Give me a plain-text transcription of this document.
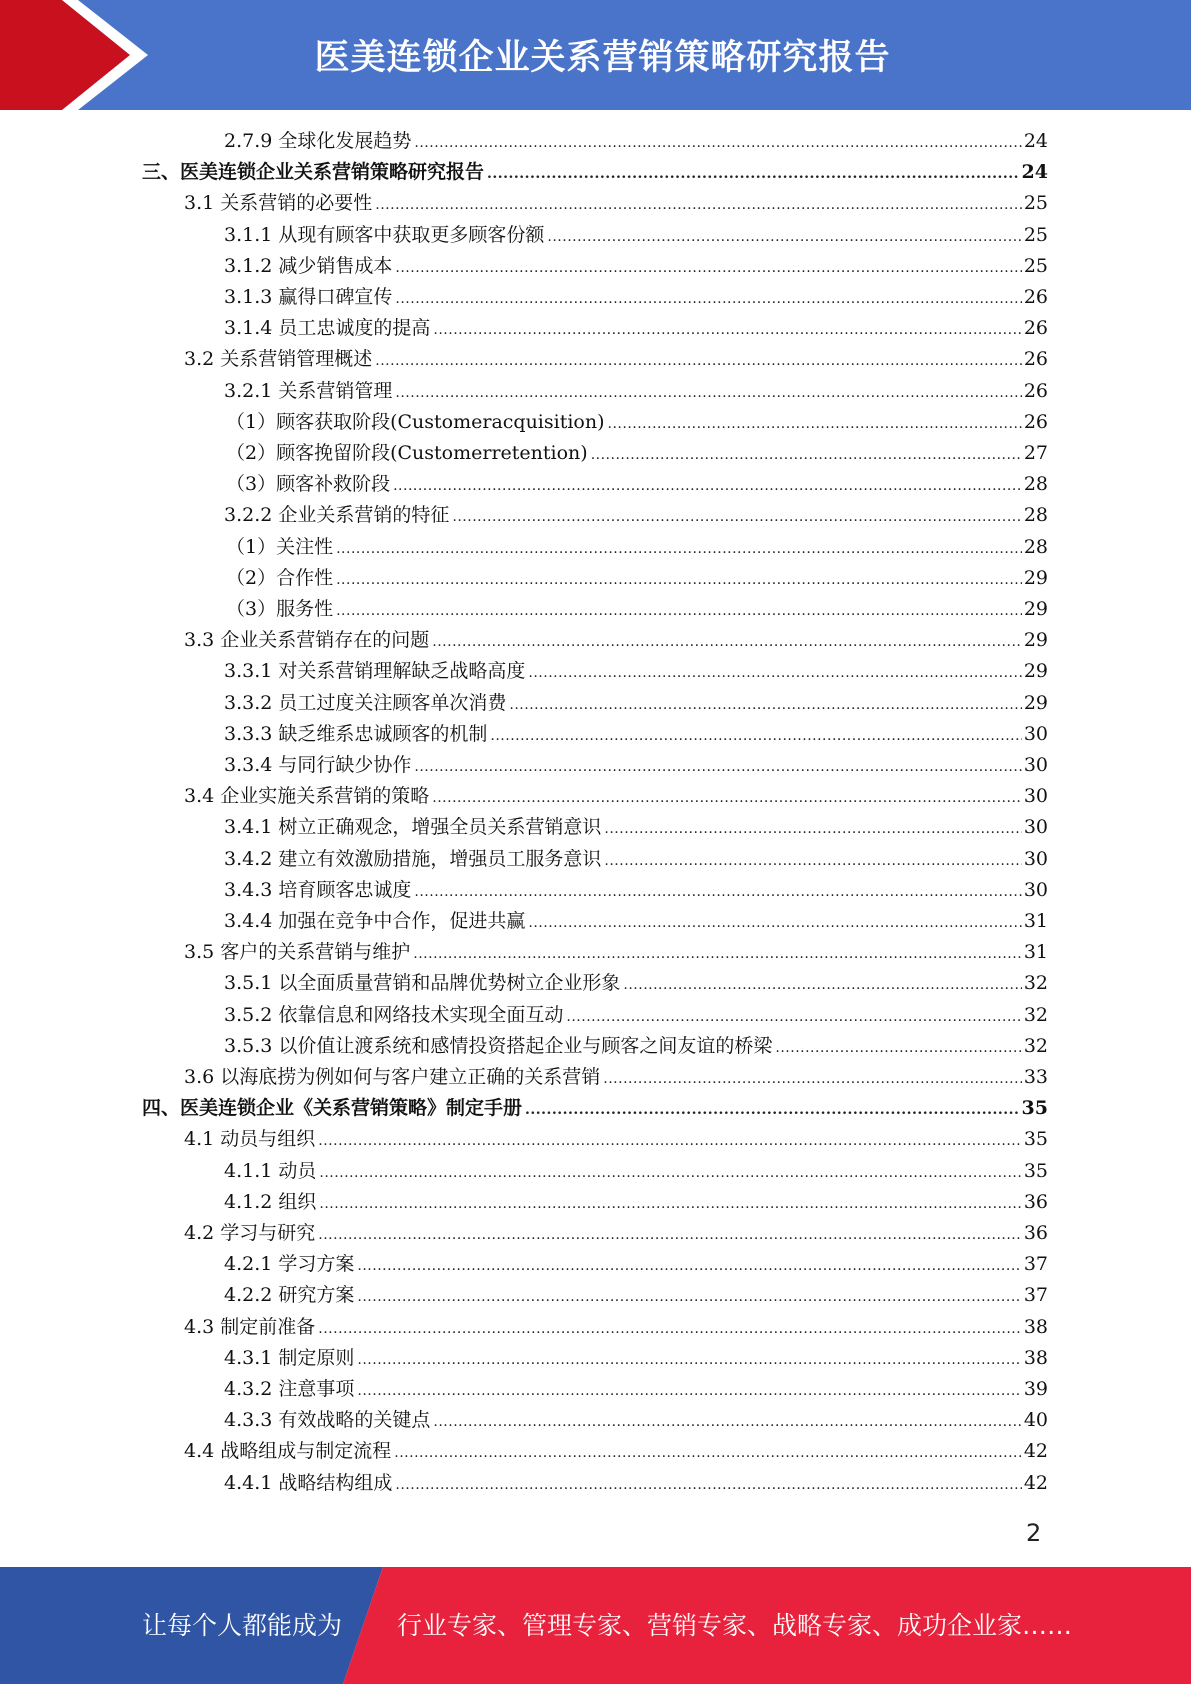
医美连锁企业关系营销策略研究报告
2.7.9 全球化发展趋势 .....	24
三、医美连锁企业关系营销策略研究报告 .....	24
3.1 关系营销的必要性 .....	25
3.1.1 从现有顾客中获取更多顾客份额 .....	25
3.1.2 减少销售成本 .....	25
3.1.3 赢得口碑宣传 .....	26
3.1.4 员工忠诚度的提高 .....	26
3.2 关系营销管理概述 .....	26
3.2.1 关系营销管理 .....	26
（1）顾客获取阶段(Customeracquisition) .....	26
（2）顾客挽留阶段(Customerretention) .....	27
（3）顾客补救阶段 .....	28
3.2.2 企业关系营销的特征 .....	28
（1）关注性 .....	28
（2）合作性 .....	29
（3）服务性 .....	29
3.3 企业关系营销存在的问题 .....	29
3.3.1 对关系营销理解缺乏战略高度 .....	29
3.3.2 员工过度关注顾客单次消费 .....	29
3.3.3 缺乏维系忠诚顾客的机制 .....	30
3.3.4 与同行缺少协作 .....	30
3.4 企业实施关系营销的策略 .....	30
3.4.1 树立正确观念，增强全员关系营销意识 .....	30
3.4.2 建立有效激励措施，增强员工服务意识 .....	30
3.4.3 培育顾客忠诚度 .....	30
3.4.4 加强在竞争中合作，促进共赢 .....	31
3.5 客户的关系营销与维护 .....	31
3.5.1 以全面质量营销和品牌优势树立企业形象 .....	32
3.5.2 依靠信息和网络技术实现全面互动 .....	32
3.5.3 以价值让渡系统和感情投资搭起企业与顾客之间友谊的桥梁 .....	32
3.6 以海底捞为例如何与客户建立正确的关系营销 .....	33
四、医美连锁企业《关系营销策略》制定手册 .....	35
4.1 动员与组织 .....	35
4.1.1 动员 .....	35
4.1.2 组织 .....	36
4.2 学习与研究 .....	36
4.2.1 学习方案 .....	37
4.2.2 研究方案 .....	37
4.3 制定前准备 .....	38
4.3.1 制定原则 .....	38
4.3.2 注意事项 .....	39
4.3.3 有效战略的关键点 .....	40
4.4 战略组成与制定流程 .....	42
4.4.1 战略结构组成 .....	42
2
让每个人都能成为 行业专家、管理专家、营销专家、战略专家、成功企业家……
